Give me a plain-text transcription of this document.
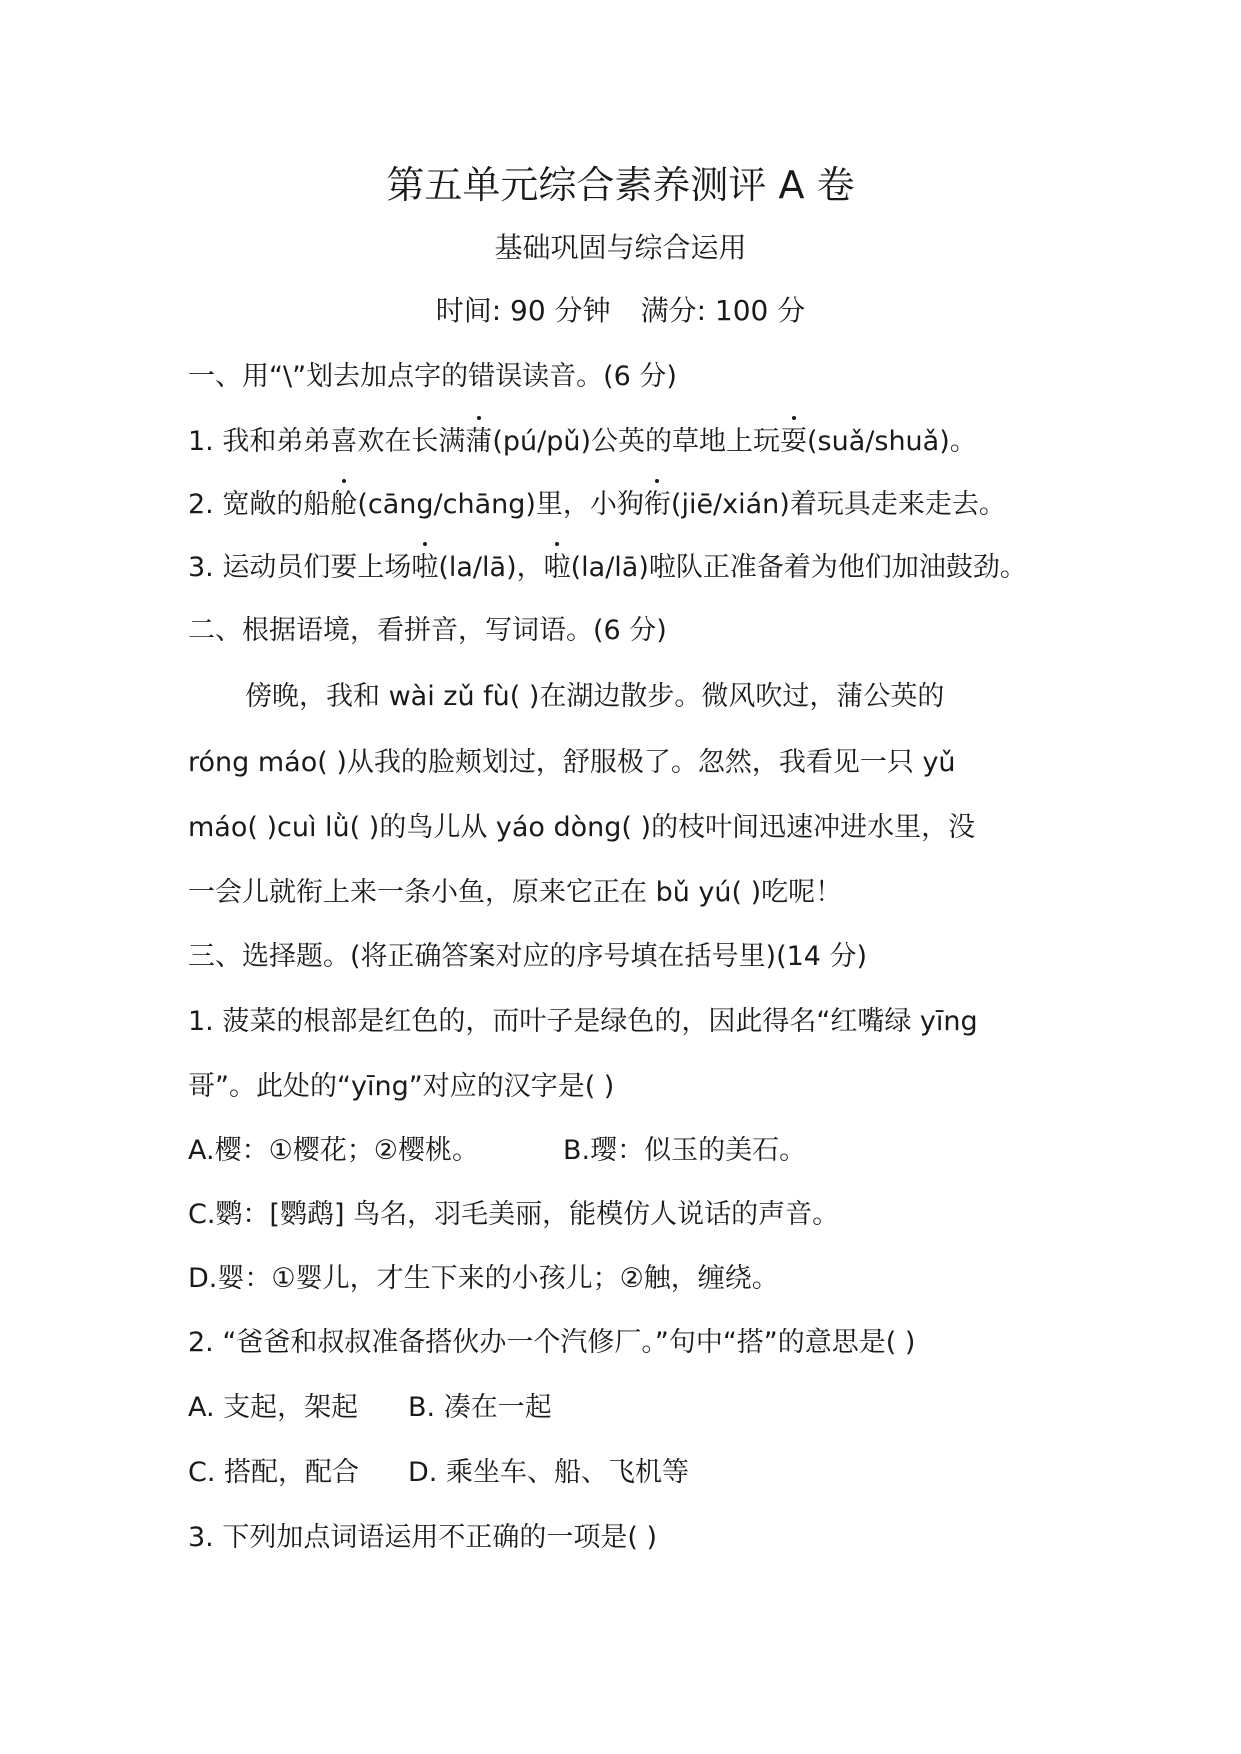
第五单元综合素养测评 A 卷
基础巩固与综合运用
时间: 90 分钟 满分: 100 分
一、用“\”划去加点字的错误读音。(6 分)
1. 我和弟弟喜欢在长满蒲(pú/pǔ)公英的草地上玩耍(suǎ/shuǎ)。
2. 宽敞的船舱(cāng/chāng)里，小狗衔(jiē/xián)着玩具走来走去。
3. 运动员们要上场啦(la/lā)，啦(la/lā)啦队正准备着为他们加油鼓劲。
二、根据语境，看拼音，写词语。(6 分)
傍晚，我和 wài zǔ fù( )在湖边散步。微风吹过，蒲公英的
róng máo( )从我的脸颊划过，舒服极了。忽然，我看见一只 yǔ
máo( )cuì lǜ( )的鸟儿从 yáo dòng( )的枝叶间迅速冲进水里，没
一会儿就衔上来一条小鱼，原来它正在 bǔ yú( )吃呢！
三、选择题。(将正确答案对应的序号填在括号里)(14 分)
1. 菠菜的根部是红色的，而叶子是绿色的，因此得名“红嘴绿 yīng
哥”。此处的“yīng”对应的汉字是( )
A.樱：①樱花；②樱桃。	B.璎：似玉的美石。
C.鹦：[鹦鹉] 鸟名，羽毛美丽，能模仿人说话的声音。
D.婴：①婴儿，才生下来的小孩儿；②触，缠绕。
2. “爸爸和叔叔准备搭伙办一个汽修厂。”句中“搭”的意思是( )
A. 支起，架起 B. 凑在一起
C. 搭配，配合 D. 乘坐车、船、飞机等
3. 下列加点词语运用不正确的一项是( )
